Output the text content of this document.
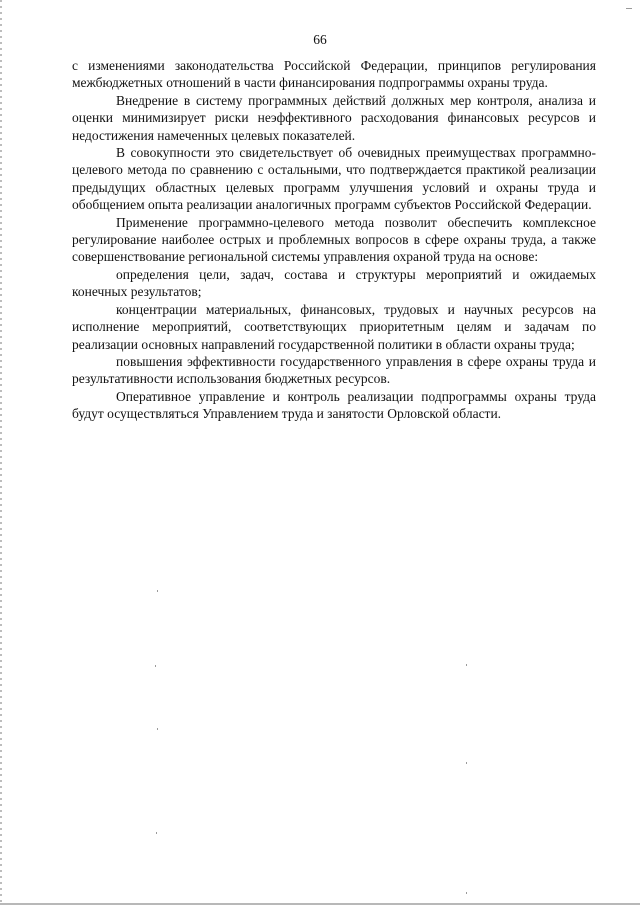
66

с изменениями законодательства Российской Федерации, принципов регулирования межбюджетных отношений в части финансирования подпрограммы охраны труда.

Внедрение в систему программных действий должных мер контроля, анализа и оценки минимизирует риски неэффективного расходования финансовых ресурсов и недостижения намеченных целевых показателей.

В совокупности это свидетельствует об очевидных преимуществах программно-целевого метода по сравнению с остальными, что подтверждается практикой реализации предыдущих областных целевых программ улучшения условий и охраны труда и обобщением опыта реализации аналогичных программ субъектов Российской Федерации.

Применение программно-целевого метода позволит обеспечить комплексное регулирование наиболее острых и проблемных вопросов в сфере охраны труда, а также совершенствование региональной системы управления охраной труда на основе:

определения цели, задач, состава и структуры мероприятий и ожидаемых конечных результатов;

концентрации материальных, финансовых, трудовых и научных ресурсов на исполнение мероприятий, соответствующих приоритетным целям и задачам по реализации основных направлений государственной политики в области охраны труда;

повышения эффективности государственного управления в сфере охраны труда и результативности использования бюджетных ресурсов.

Оперативное управление и контроль реализации подпрограммы охраны труда будут осуществляться Управлением труда и занятости Орловской области.
